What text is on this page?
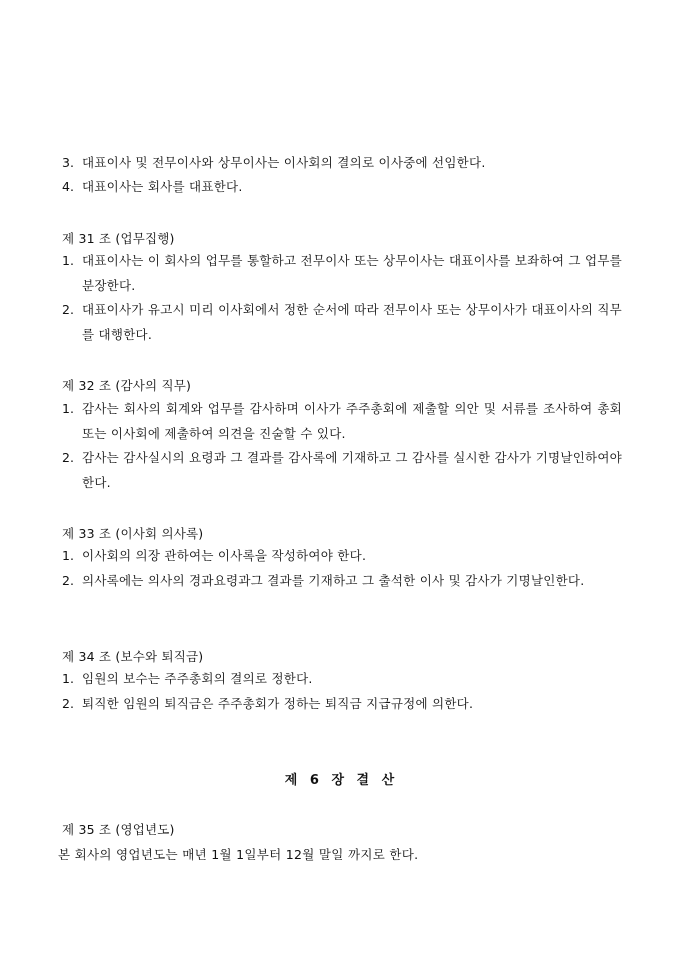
3. 대표이사 및 전무이사와 상무이사는 이사회의 결의로 이사중에 선임한다.
4. 대표이사는 회사를 대표한다.
제 31 조 (업무집행)
1. 대표이사는 이 회사의 업무를 통할하고 전무이사 또는 상무이사는 대표이사를 보좌하여 그 업무를 분장한다.
2. 대표이사가 유고시 미리 이사회에서 정한 순서에 따라 전무이사 또는 상무이사가 대표이사의 직무를 대행한다.
제 32 조 (감사의 직무)
1. 감사는 회사의 회계와 업무를 감사하며 이사가 주주총회에 제출할 의안 및 서류를 조사하여 총회 또는 이사회에 제출하여 의견을 진술할 수 있다.
2. 감사는 감사실시의 요령과 그 결과를 감사록에 기재하고 그 감사를 실시한 감사가 기명날인하여야 한다.
제 33 조 (이사회 의사록)
1. 이사회의 의장 관하여는 이사록을 작성하여야 한다.
2. 의사록에는 의사의 경과요령과그 결과를 기재하고 그 출석한 이사 및 감사가 기명날인한다.
제 34 조 (보수와 퇴직금)
1. 임원의 보수는 주주총회의 결의로 정한다.
2. 퇴직한 임원의 퇴직금은 주주총회가 정하는 퇴직금 지급규정에 의한다.
제 6 장 결 산
제 35 조 (영업년도)
본 회사의 영업년도는 매년 1월 1일부터 12월 말일 까지로 한다.
